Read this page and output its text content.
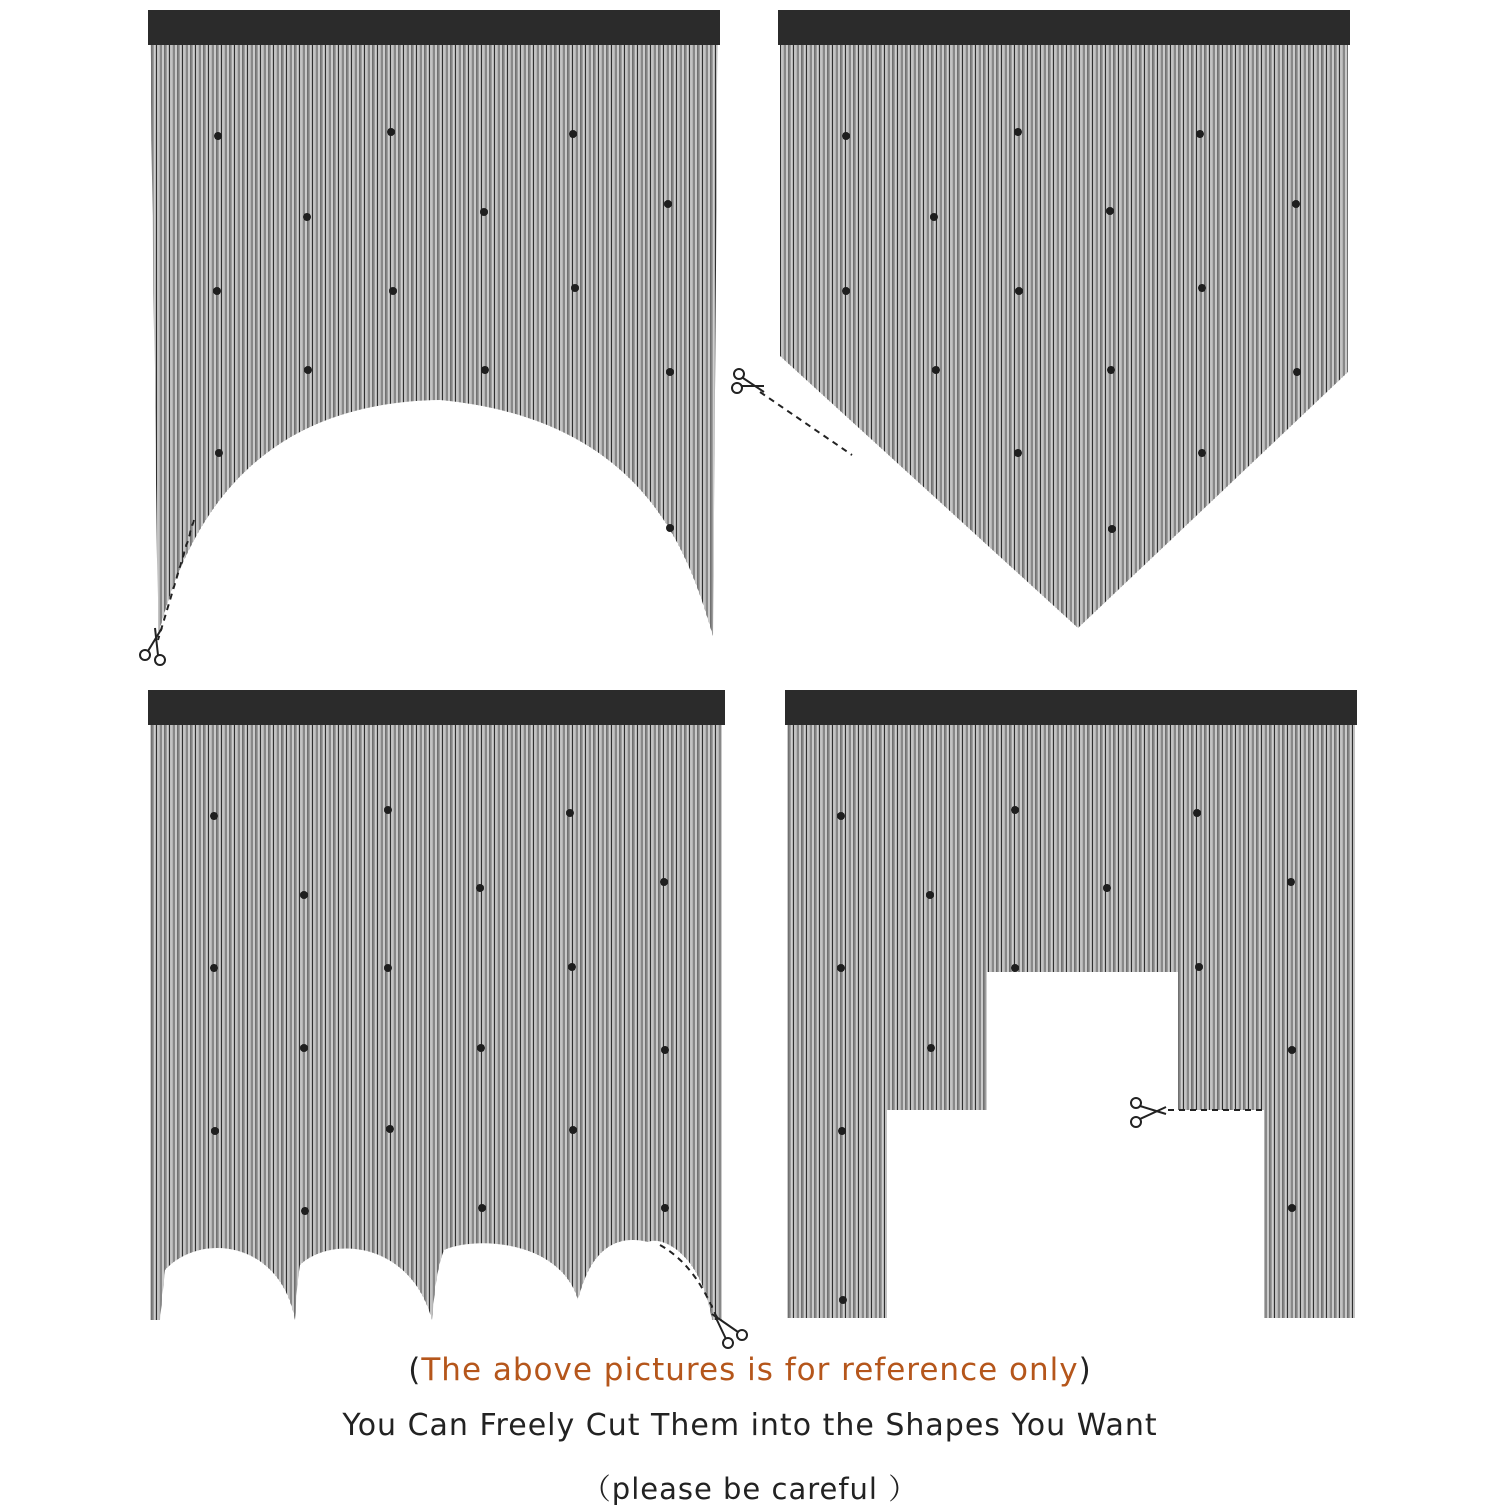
(The above pictures is for reference only)

You Can Freely Cut Them into the Shapes You Want

（please be careful ）
